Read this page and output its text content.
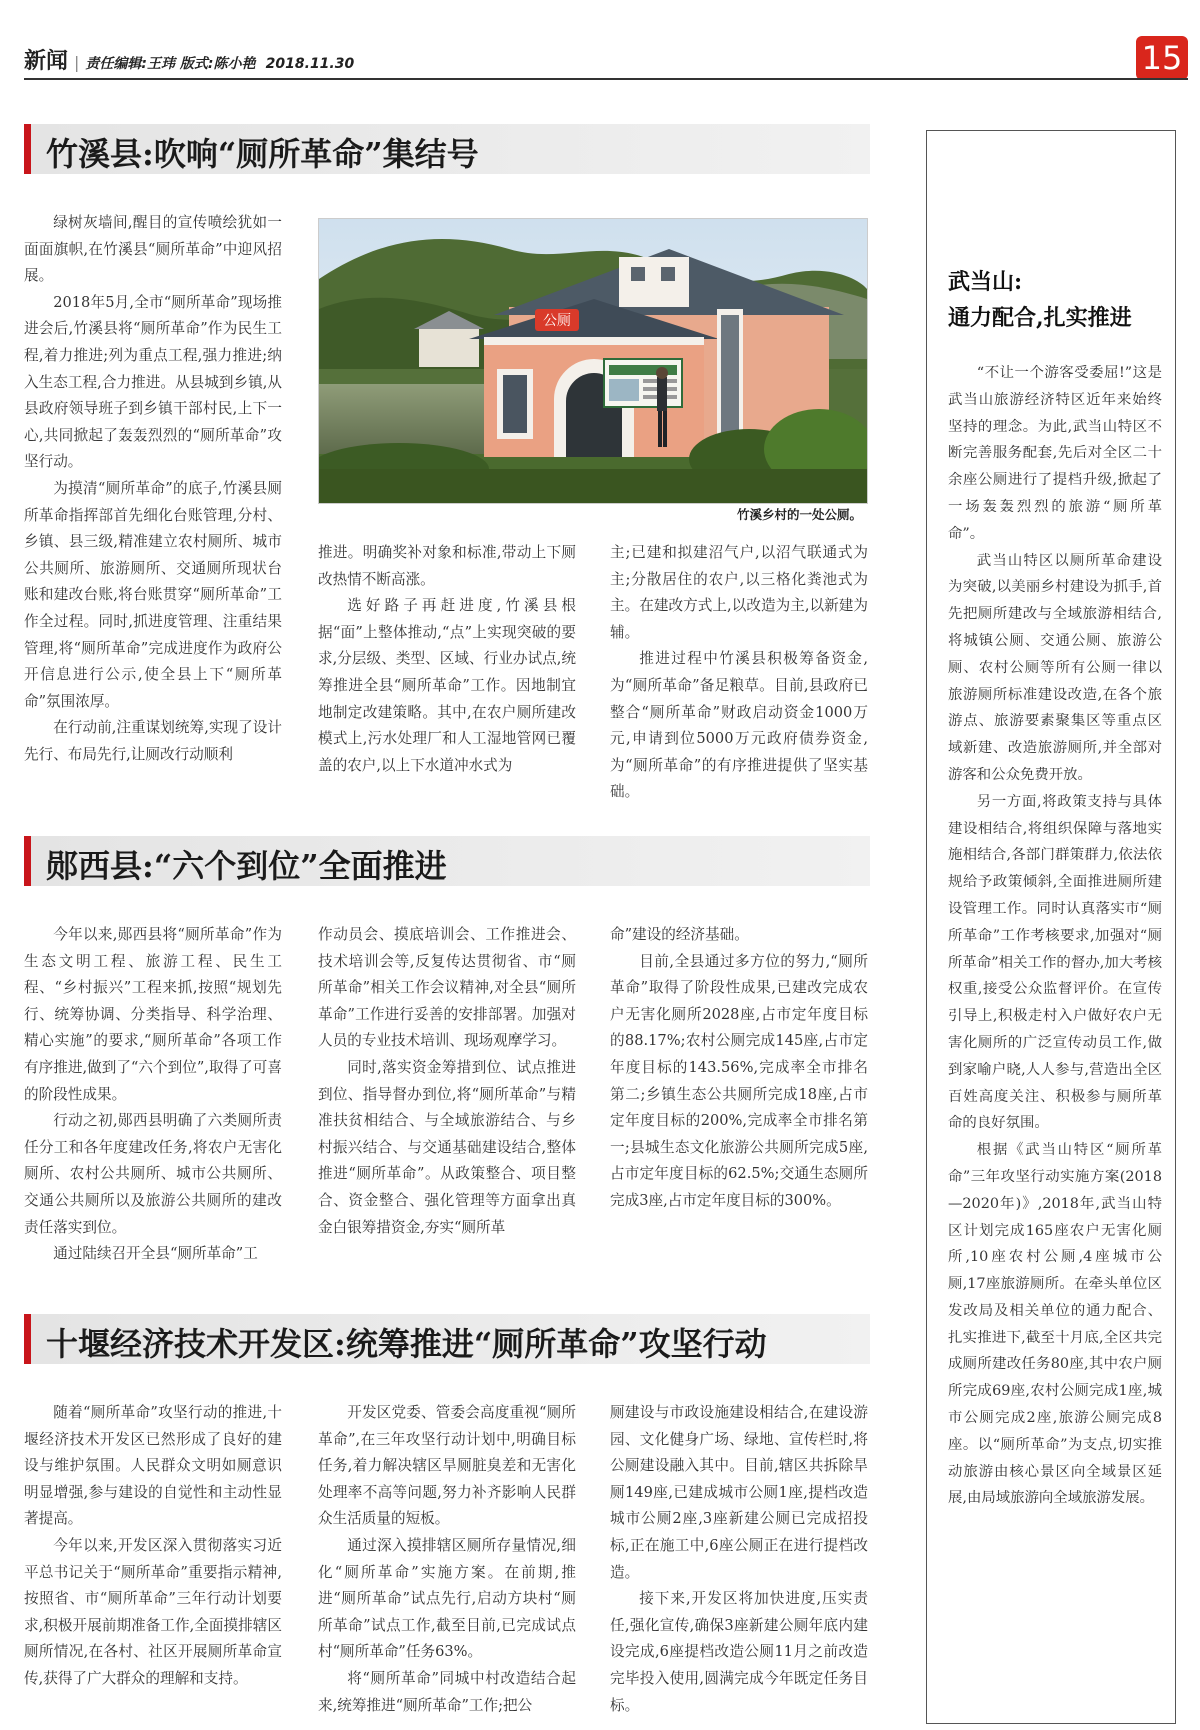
新闻 | 责任编辑:王玮 版式:陈小艳 2018.11.30	15
竹溪县:吹响“厕所革命”集结号

绿树灰墙间,醒目的宣传喷绘犹如一面面旗帜,在竹溪县“厕所革命”中迎风招展。

2018年5月,全市“厕所革命”现场推进会后,竹溪县将“厕所革命”作为民生工程,着力推进;列为重点工程,强力推进;纳入生态工程,合力推进。从县城到乡镇,从县政府领导班子到乡镇干部村民,上下一心,共同掀起了轰轰烈烈的“厕所革命”攻坚行动。

为摸清“厕所革命”的底子,竹溪县厕所革命指挥部首先细化台账管理,分村、乡镇、县三级,精准建立农村厕所、城市公共厕所、旅游厕所、交通厕所现状台账和建改台账,将台账贯穿“厕所革命”工作全过程。同时,抓进度管理、注重结果管理,将“厕所革命”完成进度作为政府公开信息进行公示,使全县上下“厕所革命”氛围浓厚。

在行动前,注重谋划统筹,实现了设计先行、布局先行,让厕改行动顺利

公厕
竹溪乡村的一处公厕。

推进。明确奖补对象和标准,带动上下厕改热情不断高涨。

选好路子再赶进度,竹溪县根据“面”上整体推动,“点”上实现突破的要求,分层级、类型、区域、行业办试点,统筹推进全县“厕所革命”工作。因地制宜地制定改建策略。其中,在农户厕所建改模式上,污水处理厂和人工湿地管网已覆盖的农户,以上下水道冲水式为

主;已建和拟建沼气户,以沼气联通式为主;分散居住的农户,以三格化粪池式为主。在建改方式上,以改造为主,以新建为辅。

推进过程中竹溪县积极筹备资金,为“厕所革命”备足粮草。目前,县政府已整合“厕所革命”财政启动资金1000万元,申请到位5000万元政府债券资金,为“厕所革命”的有序推进提供了坚实基础。

郧西县:“六个到位”全面推进

今年以来,郧西县将“厕所革命”作为生态文明工程、旅游工程、民生工程、“乡村振兴”工程来抓,按照“规划先行、统筹协调、分类指导、科学治理、精心实施”的要求,“厕所革命”各项工作有序推进,做到了“六个到位”,取得了可喜的阶段性成果。

行动之初,郧西县明确了六类厕所责任分工和各年度建改任务,将农户无害化厕所、农村公共厕所、城市公共厕所、交通公共厕所以及旅游公共厕所的建改责任落实到位。

通过陆续召开全县“厕所革命”工

作动员会、摸底培训会、工作推进会、技术培训会等,反复传达贯彻省、市“厕所革命”相关工作会议精神,对全县“厕所革命”工作进行妥善的安排部署。加强对人员的专业技术培训、现场观摩学习。

同时,落实资金筹措到位、试点推进到位、指导督办到位,将“厕所革命”与精准扶贫相结合、与全域旅游结合、与乡村振兴结合、与交通基础建设结合,整体推进“厕所革命”。从政策整合、项目整合、资金整合、强化管理等方面拿出真金白银筹措资金,夯实“厕所革

命”建设的经济基础。

目前,全县通过多方位的努力,“厕所革命”取得了阶段性成果,已建改完成农户无害化厕所2028座,占市定年度目标的88.17%;农村公厕完成145座,占市定年度目标的143.56%,完成率全市排名第二;乡镇生态公共厕所完成18座,占市定年度目标的200%,完成率全市排名第一;县城生态文化旅游公共厕所完成5座,占市定年度目标的62.5%;交通生态厕所完成3座,占市定年度目标的300%。

十堰经济技术开发区:统筹推进“厕所革命”攻坚行动

随着“厕所革命”攻坚行动的推进,十堰经济技术开发区已然形成了良好的建设与维护氛围。人民群众文明如厕意识明显增强,参与建设的自觉性和主动性显著提高。

今年以来,开发区深入贯彻落实习近平总书记关于“厕所革命”重要指示精神,按照省、市“厕所革命”三年行动计划要求,积极开展前期准备工作,全面摸排辖区厕所情况,在各村、社区开展厕所革命宣传,获得了广大群众的理解和支持。

开发区党委、管委会高度重视“厕所革命”,在三年攻坚行动计划中,明确目标任务,着力解决辖区旱厕脏臭差和无害化处理率不高等问题,努力补齐影响人民群众生活质量的短板。

通过深入摸排辖区厕所存量情况,细化“厕所革命”实施方案。在前期,推进“厕所革命”试点先行,启动方块村“厕所革命”试点工作,截至目前,已完成试点村“厕所革命”任务63%。

将“厕所革命”同城中村改造结合起来,统筹推进“厕所革命”工作;把公

厕建设与市政设施建设相结合,在建设游园、文化健身广场、绿地、宣传栏时,将公厕建设融入其中。目前,辖区共拆除旱厕149座,已建成城市公厕1座,提档改造城市公厕2座,3座新建公厕已完成招投标,正在施工中,6座公厕正在进行提档改造。

接下来,开发区将加快进度,压实责任,强化宣传,确保3座新建公厕年底内建设完成,6座提档改造公厕11月之前改造完毕投入使用,圆满完成今年既定任务目标。

武当山:
通力配合,扎实推进

“不让一个游客受委屈!”这是武当山旅游经济特区近年来始终坚持的理念。为此,武当山特区不断完善服务配套,先后对全区二十余座公厕进行了提档升级,掀起了一场轰轰烈烈的旅游“厕所革命”。

武当山特区以厕所革命建设为突破,以美丽乡村建设为抓手,首先把厕所建改与全域旅游相结合,将城镇公厕、交通公厕、旅游公厕、农村公厕等所有公厕一律以旅游厕所标准建设改造,在各个旅游点、旅游要素聚集区等重点区域新建、改造旅游厕所,并全部对游客和公众免费开放。

另一方面,将政策支持与具体建设相结合,将组织保障与落地实施相结合,各部门群策群力,依法依规给予政策倾斜,全面推进厕所建设管理工作。同时认真落实市“厕所革命”工作考核要求,加强对“厕所革命”相关工作的督办,加大考核权重,接受公众监督评价。在宣传引导上,积极走村入户做好农户无害化厕所的广泛宣传动员工作,做到家喻户晓,人人参与,营造出全区百姓高度关注、积极参与厕所革命的良好氛围。

根据《武当山特区“厕所革命”三年攻坚行动实施方案(2018—2020年)》,2018年,武当山特区计划完成165座农户无害化厕所,10座农村公厕,4座城市公厕,17座旅游厕所。在牵头单位区发改局及相关单位的通力配合、扎实推进下,截至十月底,全区共完成厕所建改任务80座,其中农户厕所完成69座,农村公厕完成1座,城市公厕完成2座,旅游公厕完成8座。以“厕所革命”为支点,切实推动旅游由核心景区向全域景区延展,由局域旅游向全域旅游发展。
